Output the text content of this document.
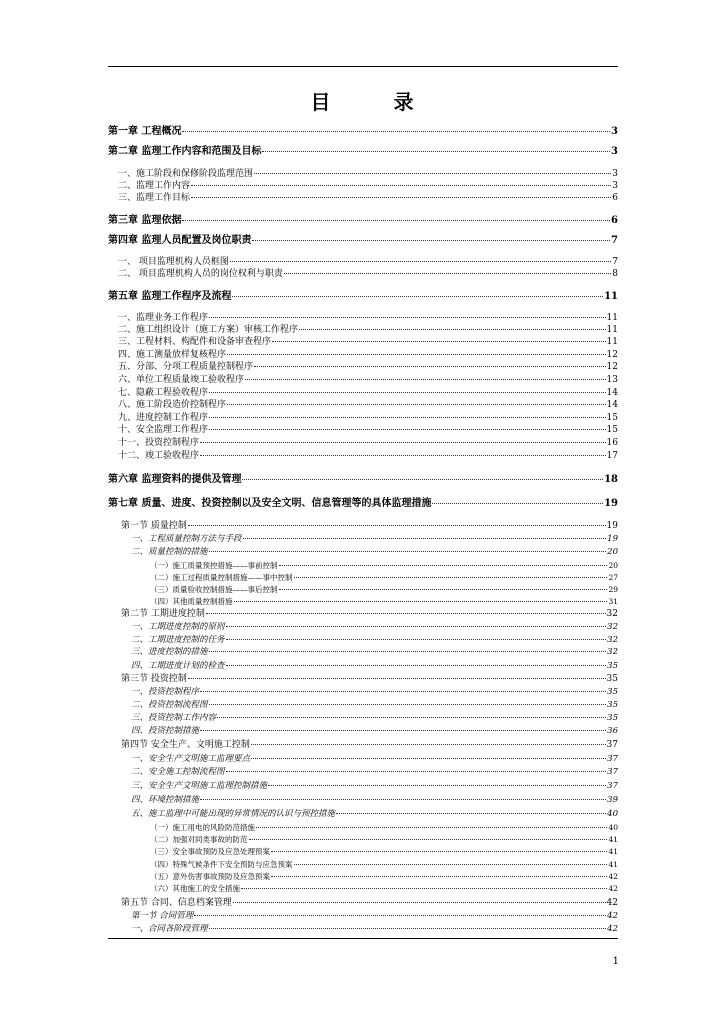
目 录
第一章 工程概况	3
第二章 监理工作内容和范围及目标	3
一、施工阶段和保修阶段监理范围	3
二、监理工作内容	3
三、监理工作目标	6
第三章 监理依据	6
第四章 监理人员配置及岗位职责	7
一、 项目监理机构人员框图	7
二、 项目监理机构人员的岗位权利与职责	8
第五章 监理工作程序及流程	11
一、监理业务工作程序	11
二、施工组织设计（施工方案）审核工作程序	11
三、工程材料、构配件和设备审查程序	11
四、施工测量放样复核程序	12
五、分部、分项工程质量控制程序	12
六、单位工程质量竣工验收程序	13
七、隐蔽工程验收程序	14
八、施工阶段造价控制程序	14
九、进度控制工作程序	15
十、安全监理工作程序	15
十一、投资控制程序	16
十二、竣工验收程序	17
第六章 监理资料的提供及管理	18
第七章 质量、进度、投资控制以及安全文明、信息管理等的具体监理措施	19
第一节 质量控制	19
一、工程质量控制方法与手段	19
二、质量控制的措施	20
（一）施工质量预控措施——事前控制	20
（二）施工过程质量控制措施——事中控制	27
（三）质量验收控制措施——事后控制	29
（四）其他质量控制措施	31
第二节 工期进度控制	32
一、工期进度控制的原则	32
二、工期进度控制的任务	32
三、进度控制的措施	32
四、工期进度计划的检查	35
第三节 投资控制	35
一、投资控制程序	35
二、投资控制流程图	35
三、投资控制工作内容	35
四、投资控制措施	36
第四节 安全生产、文明施工控制	37
一、安全生产文明施工监理要点	37
二、安全施工控制流程图	37
三、安全生产文明施工监理控制措施	37
四、环境控制措施	39
五、施工监理中可能出现的异常情况的认识与预控措施	40
（一）施工用电的风险防范措施	40
（二）加强对同类事故的防范	41
（三）安全事故预防及应急处理预案	41
（四）特殊气候条件下安全预防与应急预案	41
（五）意外伤害事故预防及应急预案	42
（六）其他施工的安全措施	42
第五节 合同、信息档案管理	42
第一节 合同管理	42
一、合同各阶段管理	42
1
